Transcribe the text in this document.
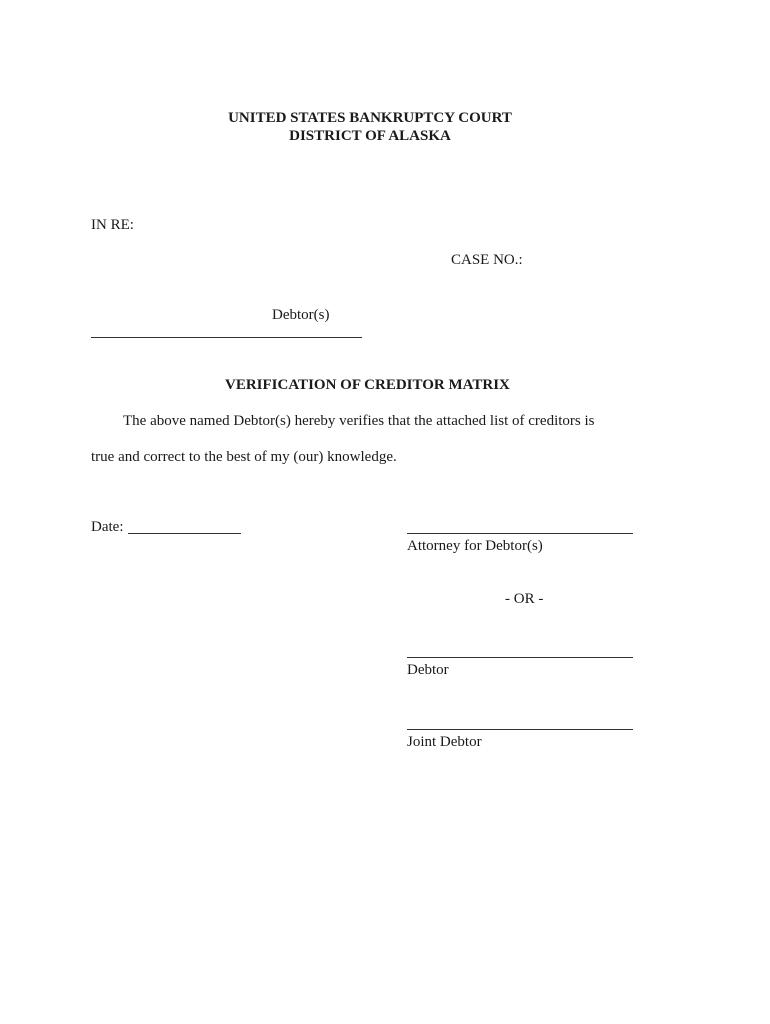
UNITED STATES BANKRUPTCY COURT
DISTRICT OF ALASKA
IN RE:
CASE NO.:
Debtor(s)
VERIFICATION OF CREDITOR MATRIX
The above named Debtor(s) hereby verifies that the attached list of creditors is
true and correct to the best of my (our) knowledge.
Date:
Attorney for Debtor(s)
- OR -
Debtor
Joint Debtor
